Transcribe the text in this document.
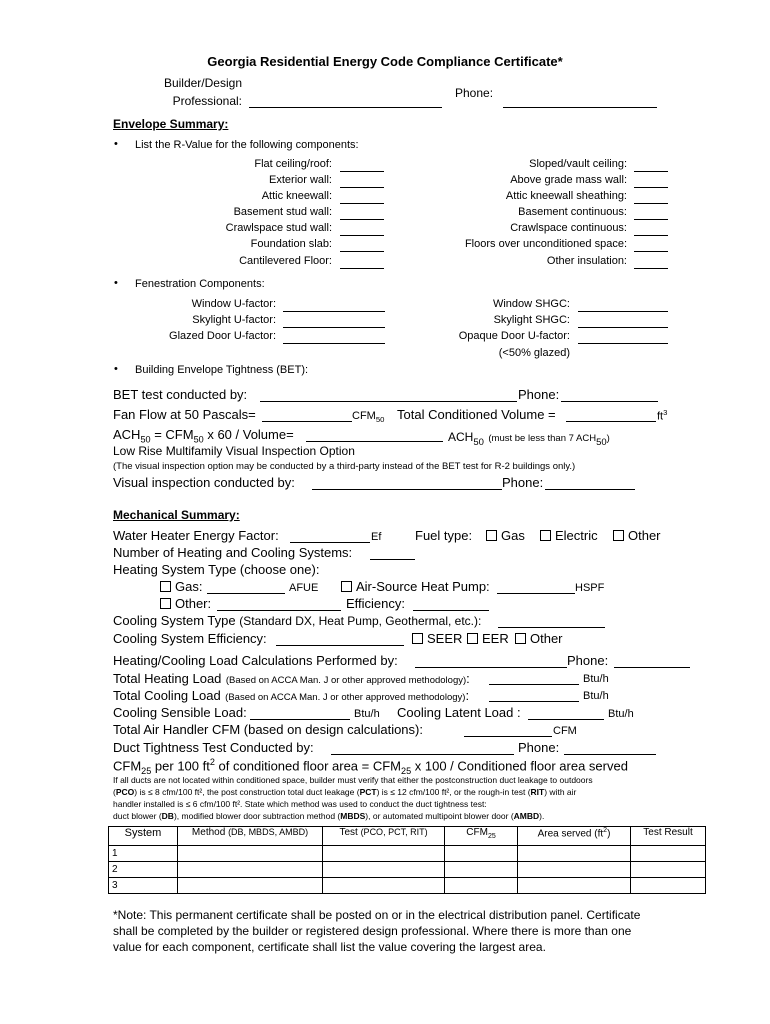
Georgia Residential Energy Code Compliance Certificate*
Builder/Design
Professional:
Phone:
Envelope Summary:
• List the R-Value for the following components:
Flat ceiling/roof:
Exterior wall:
Attic kneewall:
Basement stud wall:
Crawlspace stud wall:
Foundation slab:
Cantilevered Floor:
Sloped/vault ceiling:
Above grade mass wall:
Attic kneewall sheathing:
Basement continuous:
Crawlspace continuous:
Floors over unconditioned space:
Other insulation:
• Fenestration Components:
Window U-factor:
Skylight U-factor:
Glazed Door U-factor:
Window SHGC:
Skylight SHGC:
Opaque Door U-factor:
(<50% glazed)
• Building Envelope Tightness (BET):
BET test conducted by:	Phone:
Fan Flow at 50 Pascals=	$CFM_{50}$ Total Conditioned Volume =	$ft^3$
$ACH_{50} = CFM_{50}$ x 60 / Volume=	$ACH_{50}$ (must be less than 7 $ACH_{50}$)
Low Rise Multifamily Visual Inspection Option
(The visual inspection option may be conducted by a third-party instead of the BET test for R-2 buildings only.)
Visual inspection conducted by:	Phone:
Mechanical Summary:
Water Heater Energy Factor:	Ef	Fuel type:	Gas	Electric	Other
Number of Heating and Cooling Systems:
Heating System Type (choose one):
Gas:	AFUE	Air-Source Heat Pump:	HSPF
Other:	Efficiency:
Cooling System Type (Standard DX, Heat Pump, Geothermal, etc.):
Cooling System Efficiency:	SEER	EER	Other
Heating/Cooling Load Calculations Performed by:	Phone:
Total Heating Load (Based on ACCA Man. J or other approved methodology):	Btu/h
Total Cooling Load (Based on ACCA Man. J or other approved methodology):	Btu/h
Cooling Sensible Load:	Btu/h Cooling Latent Load :	Btu/h
Total Air Handler CFM (based on design calculations):	CFM
Duct Tightness Test Conducted by:	Phone:
$CFM_{25}$ per 100 $ft^2$ of conditioned floor area = $CFM_{25}$ x 100 / Conditioned floor area served
If all ducts are not located within conditioned space, builder must verify that either the postconstruction duct leakage to outdoors
(PCO) is ≤ 8 cfm/100 ft², the post construction total duct leakage (PCT) is ≤ 12 cfm/100 ft², or the rough-in test (RIT) with air
handler installed is ≤ 6 cfm/100 ft². State which method was used to conduct the duct tightness test:
duct blower (DB), modified blower door subtraction method (MBDS), or automated multipoint blower door (AMBD).
System	Method (DB, MBDS, AMBD)	Test (PCO, PCT, RIT)	$CFM_{25}$	Area served $(ft^2)$	Test Result
1					
2					
3					
*Note: This permanent certificate shall be posted on or in the electrical distribution panel. Certificate
shall be completed by the builder or registered design professional. Where there is more than one
value for each component, certificate shall list the value covering the largest area.
